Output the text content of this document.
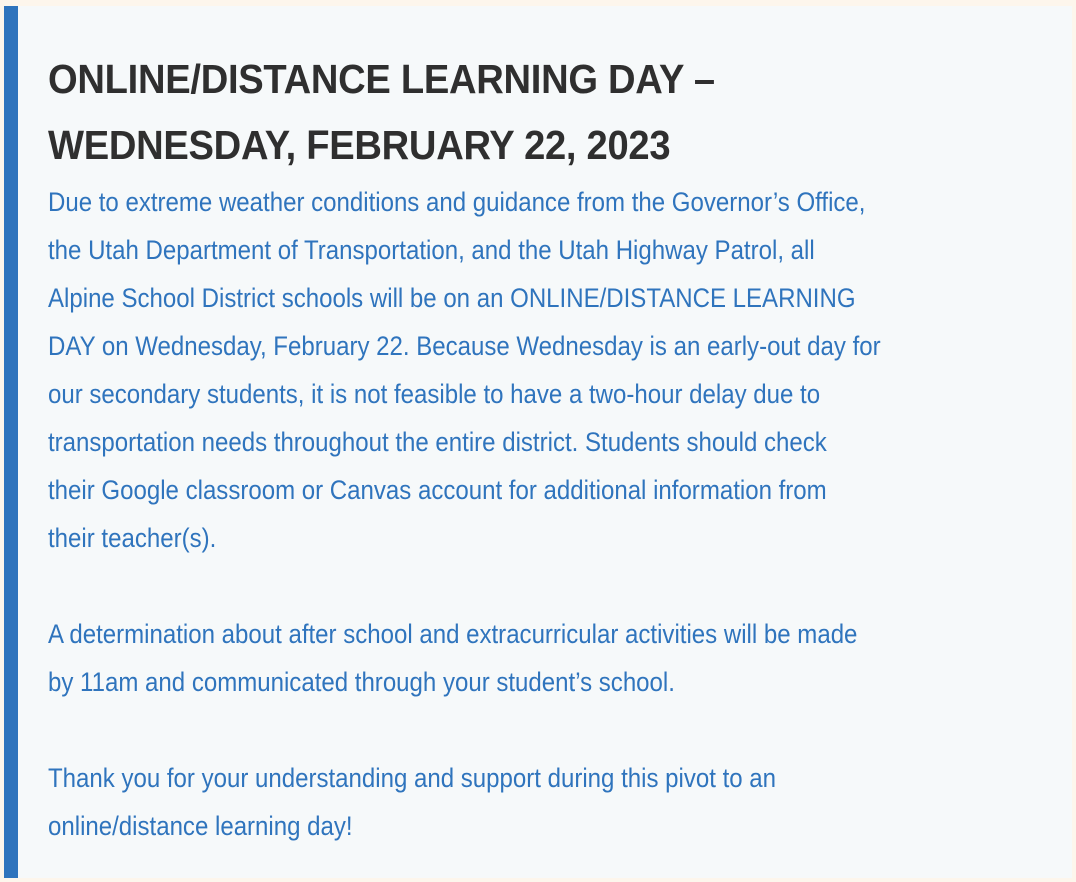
ONLINE/DISTANCE LEARNING DAY –
WEDNESDAY, FEBRUARY 22, 2023

Due to extreme weather conditions and guidance from the Governor’s Office,
the Utah Department of Transportation, and the Utah Highway Patrol, all
Alpine School District schools will be on an ONLINE/DISTANCE LEARNING
DAY on Wednesday, February 22. Because Wednesday is an early-out day for
our secondary students, it is not feasible to have a two-hour delay due to
transportation needs throughout the entire district. Students should check
their Google classroom or Canvas account for additional information from
their teacher(s).

A determination about after school and extracurricular activities will be made
by 11am and communicated through your student’s school.

Thank you for your understanding and support during this pivot to an
online/distance learning day!
